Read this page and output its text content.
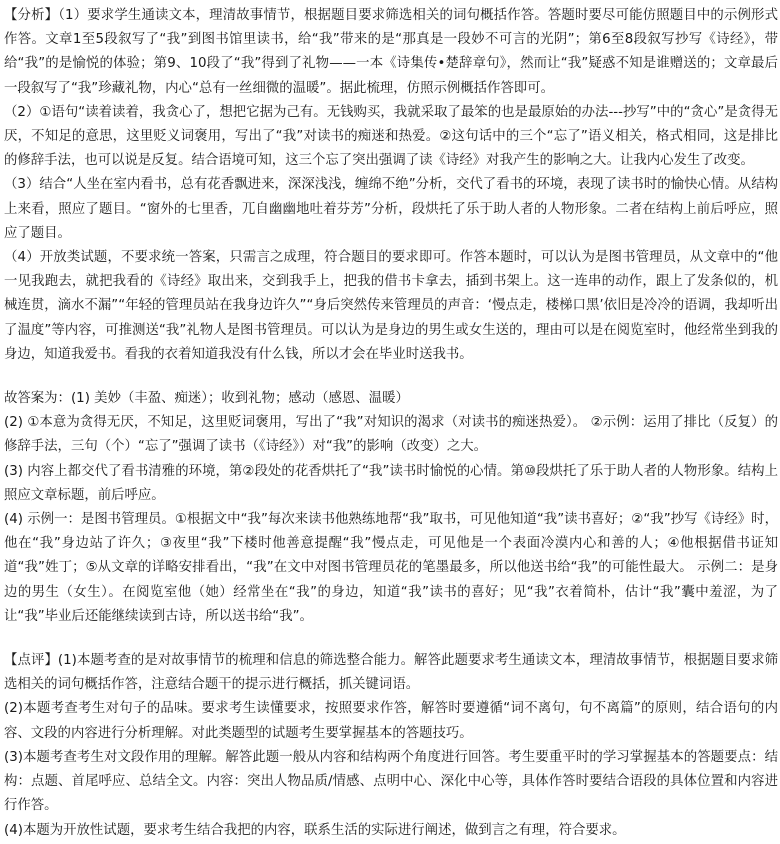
【分析】（1）要求学生通读文本，理清故事情节，根据题目要求筛选相关的词句概括作答。答题时要尽可能仿照题目中的示例形式作答。文章1至5段叙写了“我”到图书馆里读书，给“我”带来的是“那真是一段妙不可言的光阴”；第6至8段叙写抄写《诗经》，带给“我”的是愉悦的体验；第9、10段了“我”得到了礼物——一本《诗集传•楚辞章句》，然而让“我”疑惑不知是谁赠送的；文章最后一段叙写了“我”珍藏礼物，内心“总有一丝细微的温暖”。据此梳理，仿照示例概括作答即可。

（2）①语句“读着读着，我贪心了，想把它据为己有。无钱购买，我就采取了最笨的也是最原始的办法---抄写”中的“贪心”是贪得无厌，不知足的意思，这里贬义词褒用，写出了“我”对读书的痴迷和热爱。②这句话中的三个“忘了”语义相关，格式相同，这是排比的修辞手法，也可以说是反复。结合语境可知，这三个忘了突出强调了读《诗经》对我产生的影响之大。让我内心发生了改变。

（3）结合“人坐在室内看书，总有花香飘进来，深深浅浅，缠绵不绝”分析，交代了看书的环境，表现了读书时的愉快心情。从结构上来看，照应了题目。“窗外的七里香，兀自幽幽地吐着芬芳”分析，段烘托了乐于助人者的人物形象。二者在结构上前后呼应，照应了题目。

（4）开放类试题，不要求统一答案，只需言之成理，符合题目的要求即可。作答本题时，可以认为是图书管理员，从文章中的“他一见我跑去，就把我看的《诗经》取出来，交到我手上，把我的借书卡拿去，插到书架上。这一连串的动作，跟上了发条似的，机械连贯，滴水不漏”“年轻的管理员站在我身边许久”“身后突然传来管理员的声音：‘慢点走，楼梯口黑’依旧是冷冷的语调，我却听出了温度”等内容，可推测送“我”礼物人是图书管理员。可以认为是身边的男生或女生送的，理由可以是在阅览室时，他经常坐到我的身边，知道我爱书。看我的衣着知道我没有什么钱，所以才会在毕业时送我书。

故答案为：(1) 美妙（丰盈、痴迷）；收到礼物；感动（感恩、温暖）

(2) ①本意为贪得无厌，不知足，这里贬词褒用，写出了“我”对知识的渴求（对读书的痴迷热爱）。 ②示例：运用了排比（反复）的修辞手法，三句（个）“忘了”强调了读书（《诗经》）对“我”的影响（改变）之大。

(3) 内容上都交代了看书清雅的环境，第②段处的花香烘托了“我”读书时愉悦的心情。第⑩段烘托了乐于助人者的人物形象。结构上照应文章标题，前后呼应。

(4) 示例一：是图书管理员。①根据文中“我”每次来读书他熟练地帮“我”取书，可见他知道“我”读书喜好；②“我”抄写《诗经》时，他在“我”身边站了许久；③夜里“我”下楼时他善意提醒“我”慢点走，可见他是一个表面冷漠内心和善的人；④他根据借书证知道“我”姓丁；⑤从文章的详略安排看出，“我”在文中对图书管理员花的笔墨最多，所以他送书给“我”的可能性最大。 示例二：是身边的男生（女生）。在阅览室他（她）经常坐在“我”的身边，知道“我”读书的喜好；见“我”衣着简朴，估计“我”囊中羞涩，为了让“我”毕业后还能继续读到古诗，所以送书给“我”。

【点评】(1)本题考查的是对故事情节的梳理和信息的筛选整合能力。解答此题要求考生通读文本，理清故事情节，根据题目要求筛选相关的词句概括作答，注意结合题干的提示进行概括，抓关键词语。

(2)本题考查考生对句子的品味。要求考生读懂要求，按照要求作答，解答时要遵循“词不离句，句不离篇”的原则，结合语句的内容、文段的内容进行分析理解。对此类题型的试题考生要掌握基本的答题技巧。

(3)本题考查考生对文段作用的理解。解答此题一般从内容和结构两个角度进行回答。考生要重平时的学习掌握基本的答题要点：结构：点题、首尾呼应、总结全文。内容：突出人物品质/情感、点明中心、深化中心等，具体作答时要结合语段的具体位置和内容进行作答。

(4)本题为开放性试题，要求考生结合我把的内容，联系生活的实际进行阐述，做到言之有理，符合要求。
